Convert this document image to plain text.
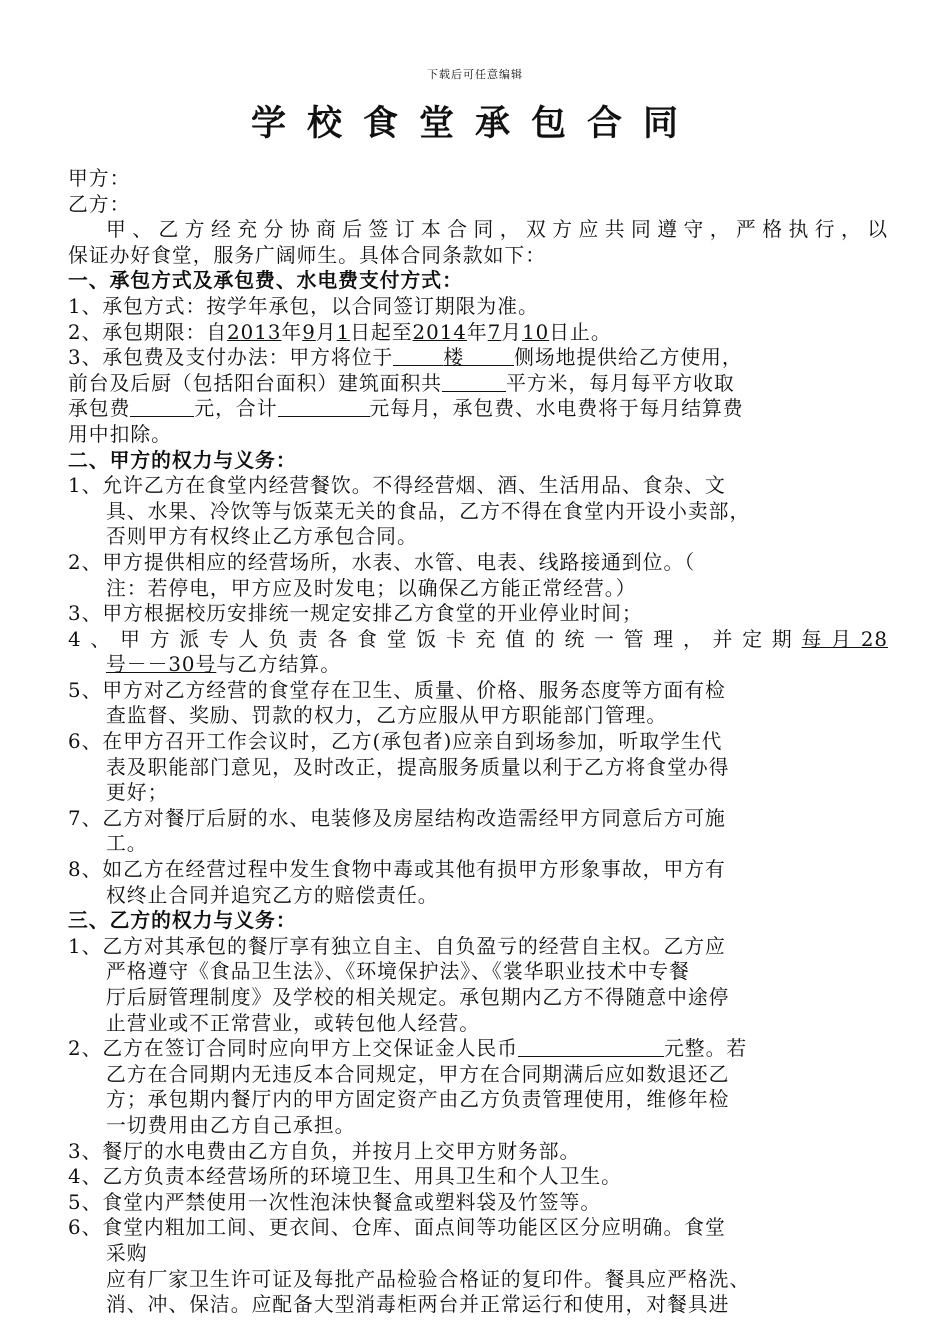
下载后可任意编辑
学校食堂承包合同
甲方：
乙方：
甲、乙方经充分协商后签订本合同，双方应共同遵守，严格执行，以
保证办好食堂，服务广阔师生。具体合同条款如下：
一、承包方式及承包费、水电费支付方式：
1、承包方式：按学年承包，以合同签订期限为准。
2、承包期限：自2013年9月1日起至2014年7月10日止。
3、承包费及支付办法：甲方将位于	楼	侧场地提供给乙方使用，
前台及后厨（包括阳台面积）建筑面积共	平方米，每月每平方收取
承包费	元，合计	元每月，承包费、水电费将于每月结算费
用中扣除。
二、甲方的权力与义务：
1、允许乙方在食堂内经营餐饮。不得经营烟、酒、生活用品、食杂、文
具、水果、冷饮等与饭菜无关的食品，乙方不得在食堂内开设小卖部，
否则甲方有权终止乙方承包合同。
2、甲方提供相应的经营场所，水表、水管、电表、线路接通到位。（
注：若停电，甲方应及时发电；以确保乙方能正常经营。）
3、甲方根据校历安排统一规定安排乙方食堂的开业停业时间；
4、甲方派专人负责各食堂饭卡充值的统一管理，并定期每月28
号－－30号与乙方结算。
5、甲方对乙方经营的食堂存在卫生、质量、价格、服务态度等方面有检
查监督、奖励、罚款的权力，乙方应服从甲方职能部门管理。
6、在甲方召开工作会议时，乙方(承包者)应亲自到场参加，听取学生代
表及职能部门意见，及时改正，提高服务质量以利于乙方将食堂办得
更好；
7、乙方对餐厅后厨的水、电装修及房屋结构改造需经甲方同意后方可施
工。
8、如乙方在经营过程中发生食物中毒或其他有损甲方形象事故，甲方有
权终止合同并追究乙方的赔偿责任。
三、乙方的权力与义务：
1、乙方对其承包的餐厅享有独立自主、自负盈亏的经营自主权。乙方应
严格遵守《食品卫生法》、《环境保护法》、《裳华职业技术中专餐
厅后厨管理制度》及学校的相关规定。承包期内乙方不得随意中途停
止营业或不正常营业，或转包他人经营。
2、乙方在签订合同时应向甲方上交保证金人民币	元整。若
乙方在合同期内无违反本合同规定，甲方在合同期满后应如数退还乙
方；承包期内餐厅内的甲方固定资产由乙方负责管理使用，维修年检
一切费用由乙方自己承担。
3、餐厅的水电费由乙方自负，并按月上交甲方财务部。
4、乙方负责本经营场所的环境卫生、用具卫生和个人卫生。
5、食堂内严禁使用一次性泡沫快餐盒或塑料袋及竹签等。
6、食堂内粗加工间、更衣间、仓库、面点间等功能区区分应明确。食堂
采购
应有厂家卫生许可证及每批产品检验合格证的复印件。餐具应严格洗、
消、冲、保洁。应配备大型消毒柜两台并正常运行和使用，对餐具进
